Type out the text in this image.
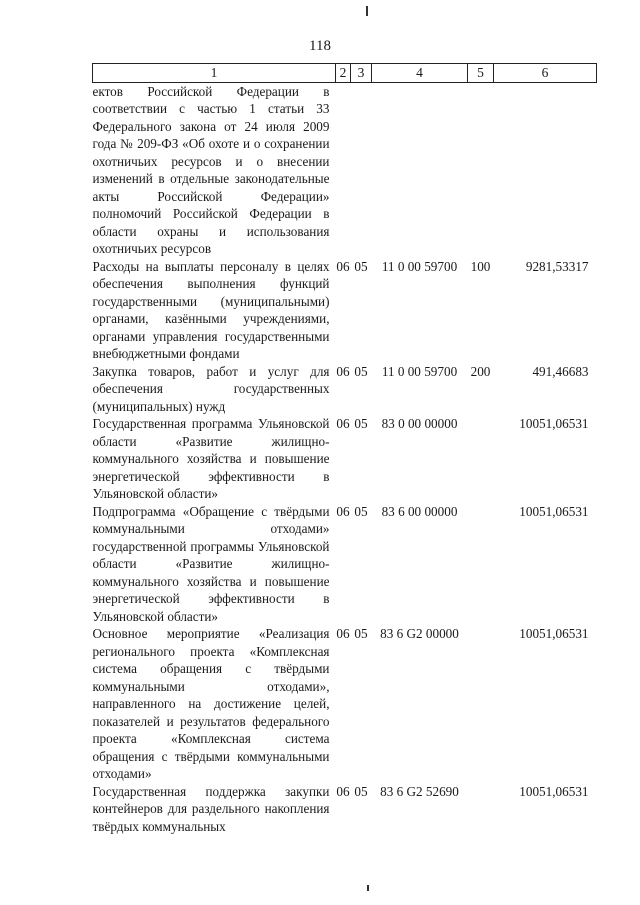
118
1	2	3	4	5	6
ектов Российской Федерации в соответствии с частью 1 статьи 33 Федерального закона от 24 июля 2009 года № 209-ФЗ «Об охоте и о сохранении охотничьих ресурсов и о внесении изменений в отдельные законодательные акты Российской Федерации» полномочий Российской Федерации в области охраны и использования охотничьих ресурсов					
Расходы на выплаты персоналу в целях обеспечения выполнения функций государственными (муниципальными) органами, казёнными учреждениями, органами управления государственными внебюджетными фондами	06	05	11 0 00 59700	100	9281,53317
Закупка товаров, работ и услуг для обеспечения государственных (муниципальных) нужд	06	05	11 0 00 59700	200	491,46683
Государственная программа Ульяновской области «Развитие жилищно-коммунального хозяйства и повышение энергетической эффективности в Ульяновской области»	06	05	83 0 00 00000		10051,06531
Подпрограмма «Обращение с твёрдыми коммунальными отходами» государственной программы Ульяновской области «Развитие жилищно-коммунального хозяйства и повышение энергетической эффективности в Ульяновской области»	06	05	83 6 00 00000		10051,06531
Основное мероприятие «Реализация регионального проекта «Комплексная система обращения с твёрдыми коммунальными отходами», направленного на достижение целей, показателей и результатов федерального проекта «Комплексная система обращения с твёрдыми коммунальными отходами»	06	05	83 6 G2 00000		10051,06531
Государственная поддержка закупки контейнеров для раздельного накопления твёрдых коммунальных	06	05	83 6 G2 52690		10051,06531
